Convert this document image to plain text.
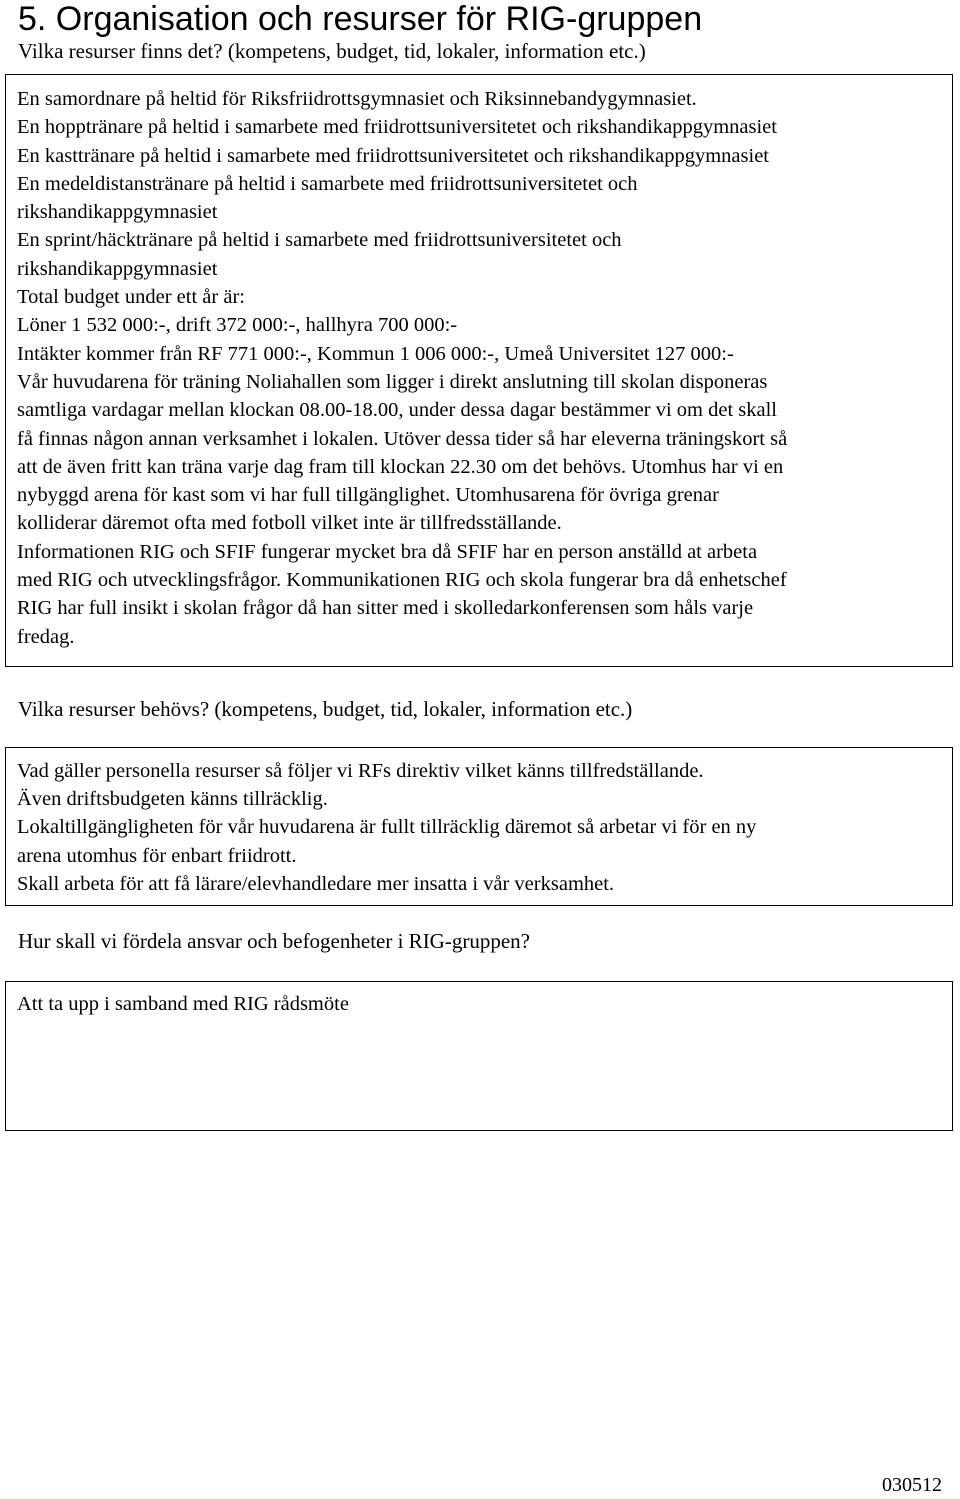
5. Organisation och resurser för RIG-gruppen
Vilka resurser finns det? (kompetens, budget, tid, lokaler, information etc.)
En samordnare på heltid för Riksfriidrottsgymnasiet och Riksinnebandygymnasiet.
En hopptränare på heltid i samarbete med friidrottsuniversitetet och rikshandikappgymnasiet
En kasttränare på heltid i samarbete med friidrottsuniversitetet och rikshandikappgymnasiet
En medeldistanstränare på heltid i samarbete med friidrottsuniversitetet och
rikshandikappgymnasiet
En sprint/häcktränare på heltid i samarbete med friidrottsuniversitetet och
rikshandikappgymnasiet
Total budget under ett år är:
Löner 1 532 000:-, drift 372 000:-, hallhyra 700 000:-
Intäkter kommer från RF 771 000:-, Kommun 1 006 000:-, Umeå Universitet 127 000:-
Vår huvudarena för träning Noliahallen som ligger i direkt anslutning till skolan disponeras
samtliga vardagar mellan klockan 08.00-18.00, under dessa dagar bestämmer vi om det skall
få finnas någon annan verksamhet i lokalen. Utöver dessa tider så har eleverna träningskort så
att de även fritt kan träna varje dag fram till klockan 22.30 om det behövs. Utomhus har vi en
nybyggd arena för kast som vi har full tillgänglighet. Utomhusarena för övriga grenar
kolliderar däremot ofta med fotboll vilket inte är tillfredsställande.
Informationen RIG och SFIF fungerar mycket bra då SFIF har en person anställd at arbeta
med RIG och utvecklingsfrågor. Kommunikationen RIG och skola fungerar bra då enhetschef
RIG har full insikt i skolan frågor då han sitter med i skolledarkonferensen som håls varje
fredag.
Vilka resurser behövs? (kompetens, budget, tid, lokaler, information etc.)
Vad gäller personella resurser så följer vi RFs direktiv vilket känns tillfredställande.
Även driftsbudgeten känns tillräcklig.
Lokaltillgängligheten för vår huvudarena är fullt tillräcklig däremot så arbetar vi för en ny
arena utomhus för enbart friidrott.
Skall arbeta för att få lärare/elevhandledare mer insatta i vår verksamhet.
Hur skall vi fördela ansvar och befogenheter i RIG-gruppen?
Att ta upp i samband med RIG rådsmöte
030512
